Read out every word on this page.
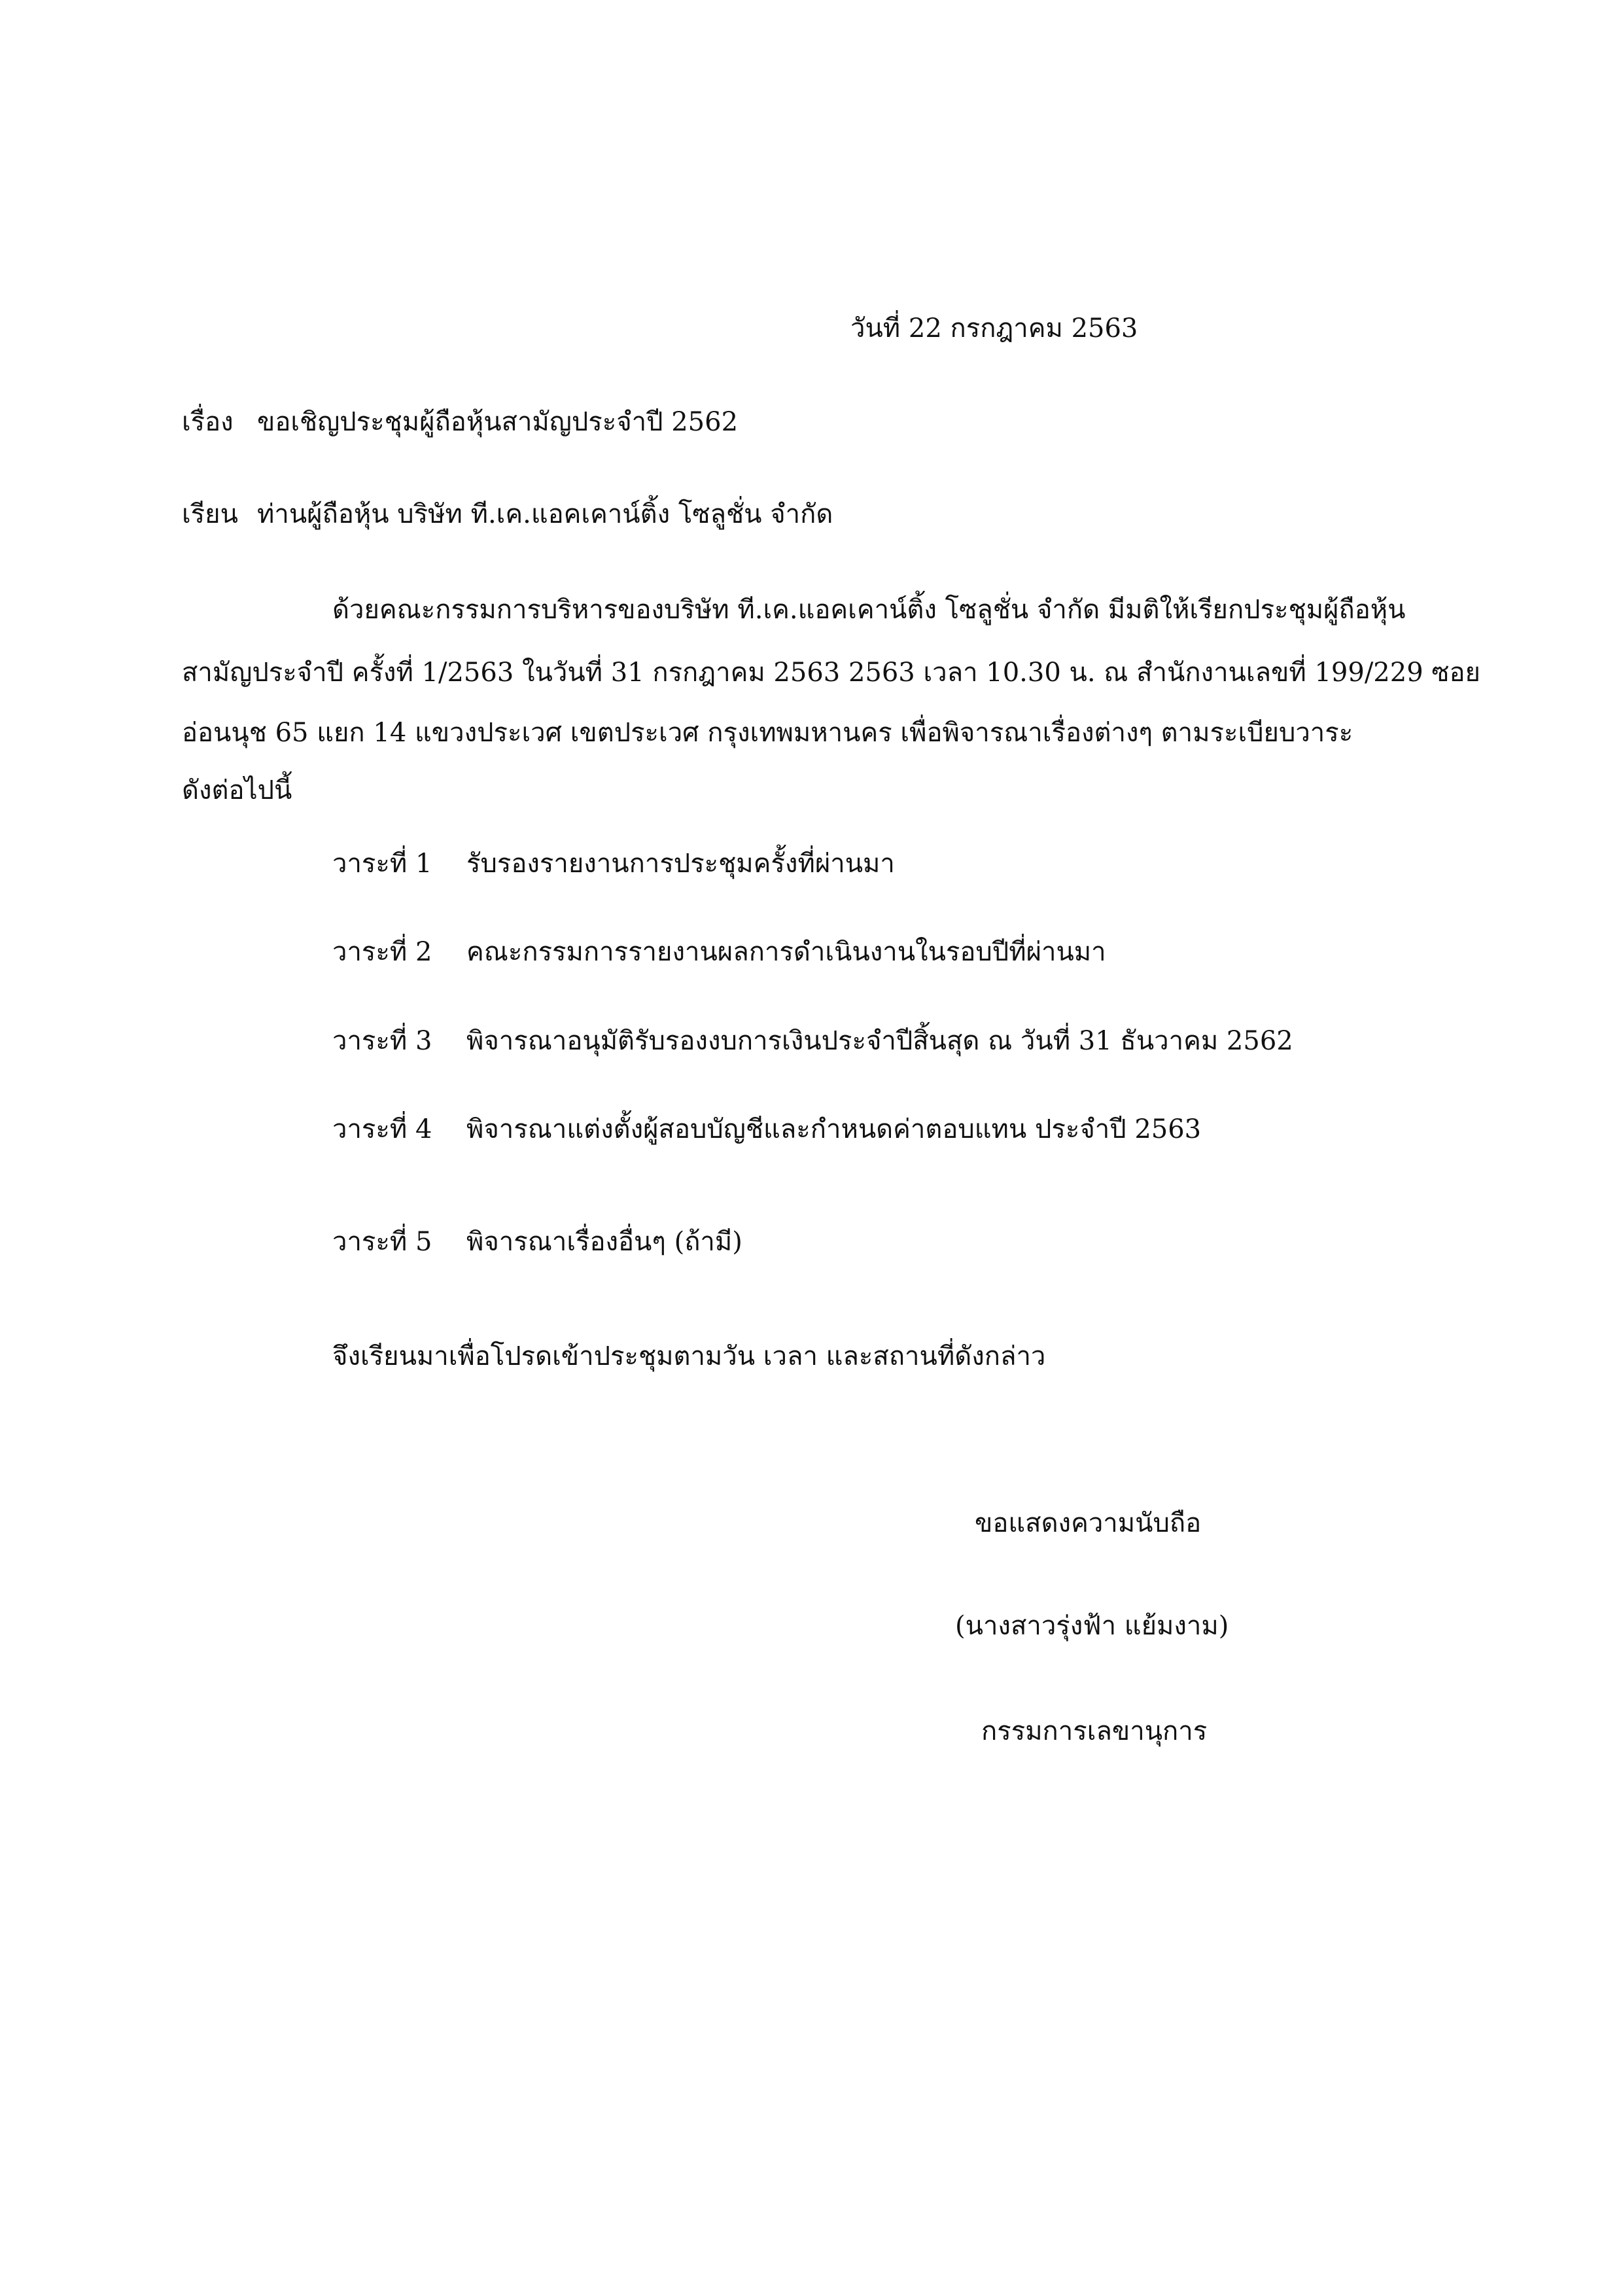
วันที่ 22 กรกฎาคม 2563
เรื่อง ขอเชิญประชุมผู้ถือหุ้นสามัญประจำปี 2562
เรียน ท่านผู้ถือหุ้น บริษัท ที.เค.แอคเคาน์ติ้ง โซลูชั่น จำกัด
ด้วยคณะกรรมการบริหารของบริษัท ที.เค.แอคเคาน์ติ้ง โซลูชั่น จำกัด มีมติให้เรียกประชุมผู้ถือหุ้น
สามัญประจำปี ครั้งที่ 1/2563 ในวันที่ 31 กรกฎาคม 2563 2563 เวลา 10.30 น. ณ สำนักงานเลขที่ 199/229 ซอย
อ่อนนุช 65 แยก 14 แขวงประเวศ เขตประเวศ กรุงเทพมหานคร เพื่อพิจารณาเรื่องต่างๆ ตามระเบียบวาระ
ดังต่อไปนี้
วาระที่ 1 รับรองรายงานการประชุมครั้งที่ผ่านมา
วาระที่ 2 คณะกรรมการรายงานผลการดำเนินงานในรอบปีที่ผ่านมา
วาระที่ 3 พิจารณาอนุมัติรับรองงบการเงินประจำปีสิ้นสุด ณ วันที่ 31 ธันวาคม 2562
วาระที่ 4 พิจารณาแต่งตั้งผู้สอบบัญชีและกำหนดค่าตอบแทน ประจำปี 2563
วาระที่ 5 พิจารณาเรื่องอื่นๆ (ถ้ามี)
จึงเรียนมาเพื่อโปรดเข้าประชุมตามวัน เวลา และสถานที่ดังกล่าว
ขอแสดงความนับถือ
(นางสาวรุ่งฟ้า แย้มงาม)
กรรมการเลขานุการ
